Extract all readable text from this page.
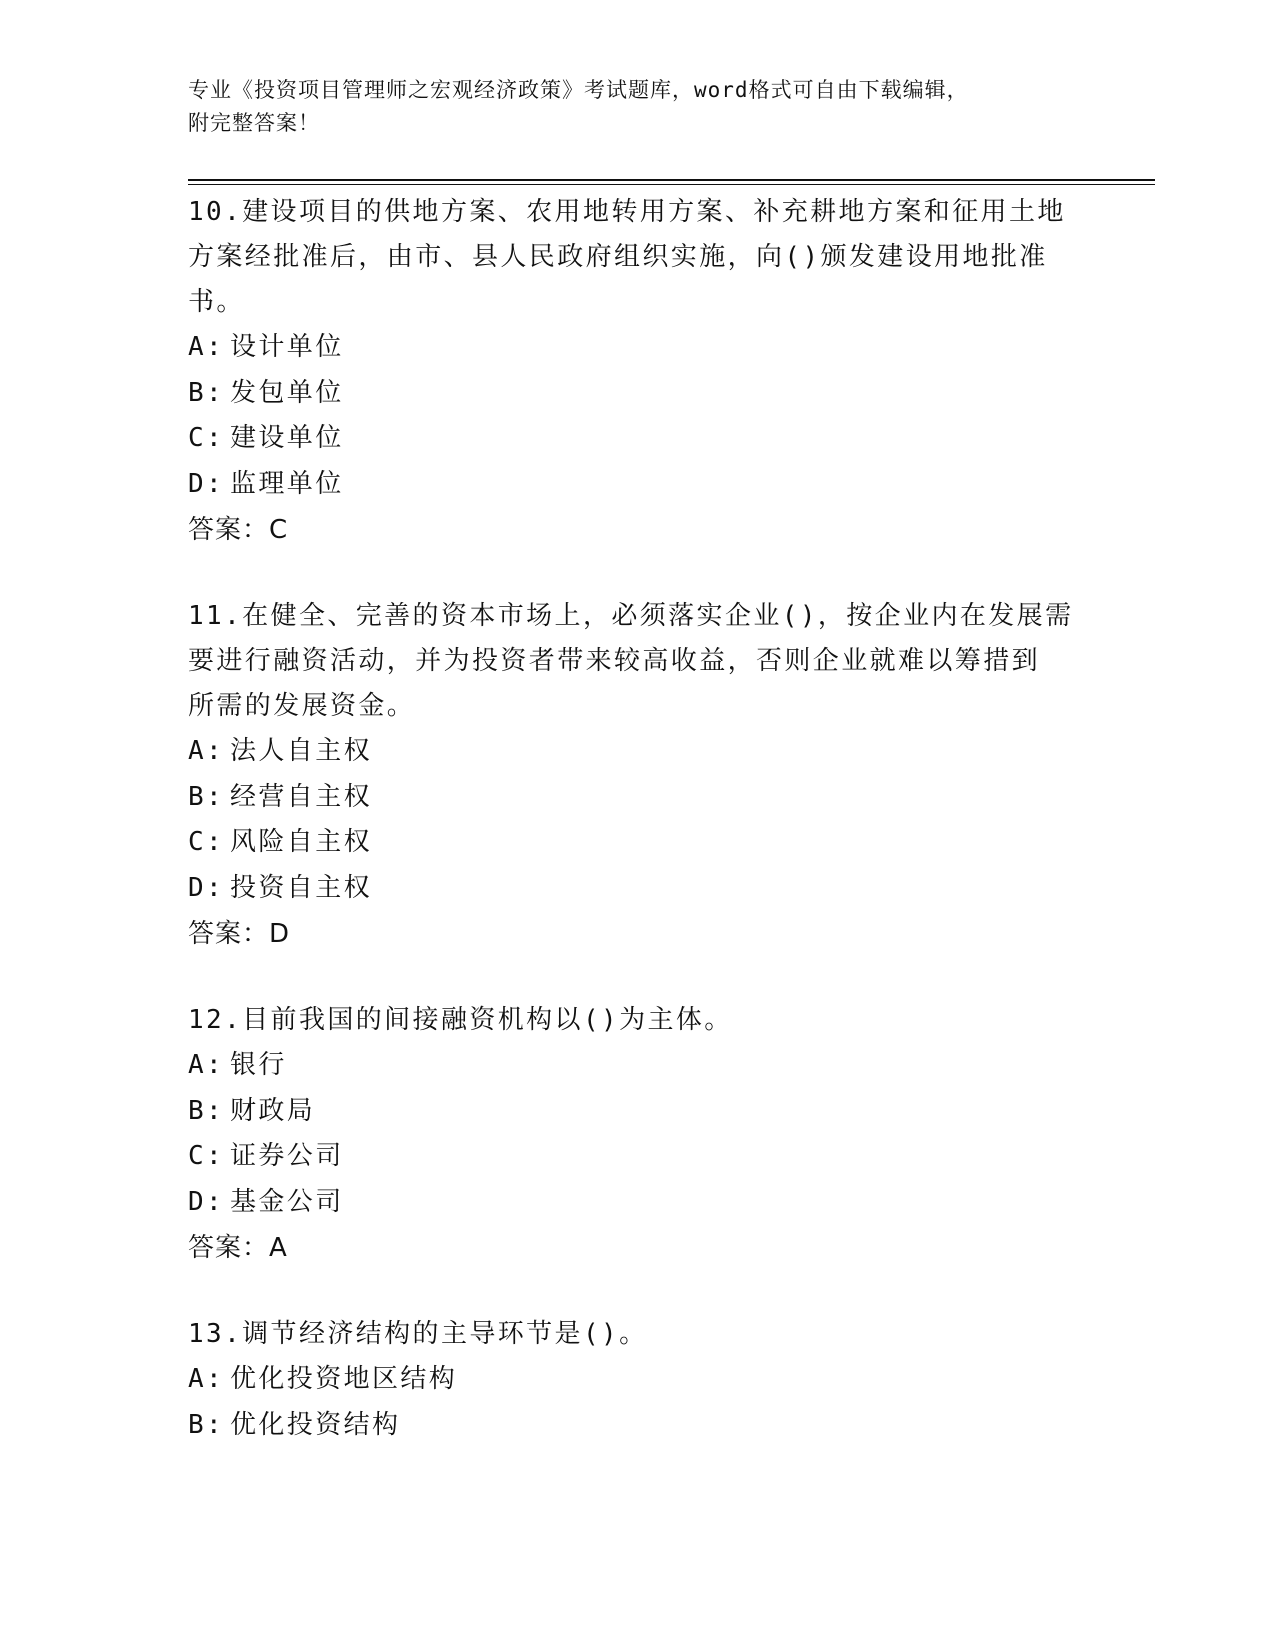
专业《投资项目管理师之宏观经济政策》考试题库，word格式可自由下载编辑，
附完整答案！

10.建设项目的供地方案、农用地转用方案、补充耕地方案和征用土地

方案经批准后，由市、县人民政府组织实施，向()颁发建设用地批准

书。

A: 设计单位

B: 发包单位

C: 建设单位

D: 监理单位

答案：C

11.在健全、完善的资本市场上，必须落实企业()，按企业内在发展需

要进行融资活动，并为投资者带来较高收益，否则企业就难以筹措到

所需的发展资金。

A: 法人自主权

B: 经营自主权

C: 风险自主权

D: 投资自主权

答案：D

12.目前我国的间接融资机构以()为主体。

A: 银行

B: 财政局

C: 证券公司

D: 基金公司

答案：A

13.调节经济结构的主导环节是()。

A: 优化投资地区结构

B: 优化投资结构
